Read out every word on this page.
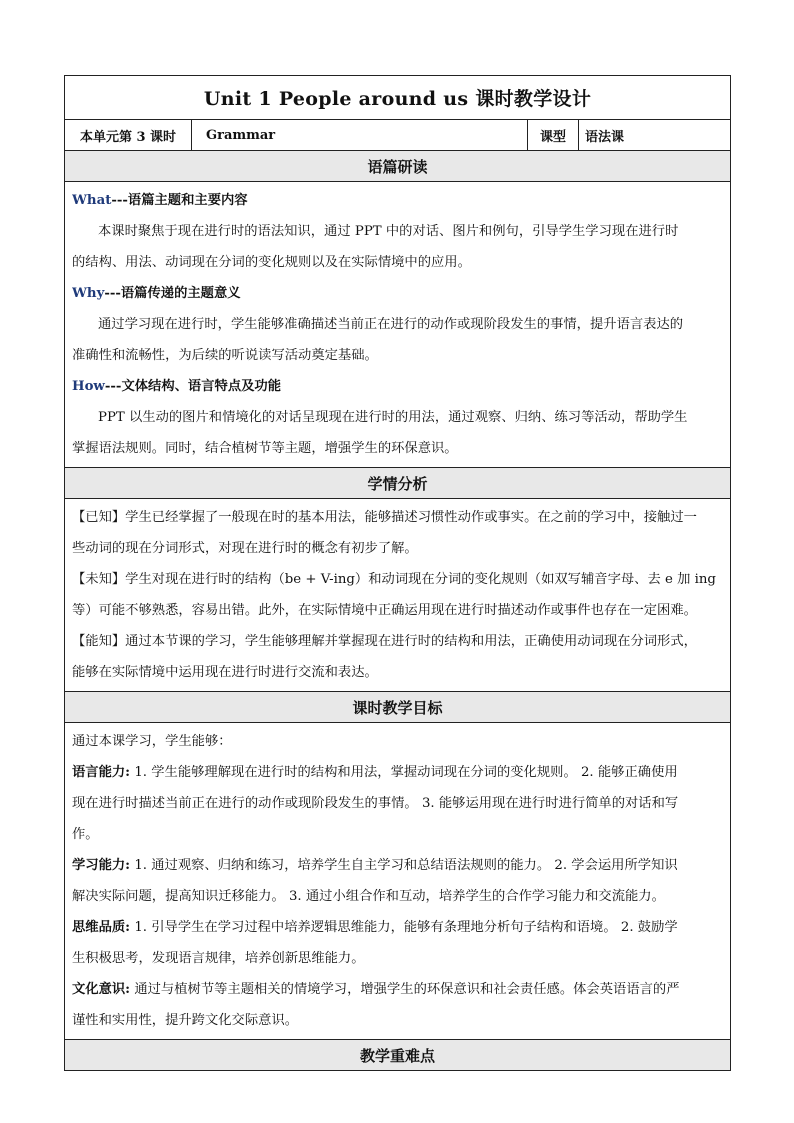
Unit 1 People around us 课时教学设计
本单元第 3 课时	Grammar	课型	语法课
语篇研读

What---语篇主题和主要内容
本课时聚焦于现在进行时的语法知识，通过 PPT 中的对话、图片和例句，引导学生学习现在进行时
的结构、用法、动词现在分词的变化规则以及在实际情境中的应用。
Why---语篇传递的主题意义
通过学习现在进行时，学生能够准确描述当前正在进行的动作或现阶段发生的事情，提升语言表达的
准确性和流畅性，为后续的听说读写活动奠定基础。
How---文体结构、语言特点及功能
PPT 以生动的图片和情境化的对话呈现现在进行时的用法，通过观察、归纳、练习等活动，帮助学生
掌握语法规则。同时，结合植树节等主题，增强学生的环保意识。

学情分析

【已知】学生已经掌握了一般现在时的基本用法，能够描述习惯性动作或事实。在之前的学习中，接触过一
些动词的现在分词形式，对现在进行时的概念有初步了解。
【未知】学生对现在进行时的结构（be + V-ing）和动词现在分词的变化规则（如双写辅音字母、去 e 加 ing
等）可能不够熟悉，容易出错。此外，在实际情境中正确运用现在进行时描述动作或事件也存在一定困难。
【能知】通过本节课的学习，学生能够理解并掌握现在进行时的结构和用法，正确使用动词现在分词形式，
能够在实际情境中运用现在进行时进行交流和表达。

课时教学目标

通过本课学习，学生能够：
语言能力: 1. 学生能够理解现在进行时的结构和用法，掌握动词现在分词的变化规则。 2. 能够正确使用
现在进行时描述当前正在进行的动作或现阶段发生的事情。 3. 能够运用现在进行时进行简单的对话和写
作。
学习能力: 1. 通过观察、归纳和练习，培养学生自主学习和总结语法规则的能力。 2. 学会运用所学知识
解决实际问题，提高知识迁移能力。 3. 通过小组合作和互动，培养学生的合作学习能力和交流能力。
思维品质: 1. 引导学生在学习过程中培养逻辑思维能力，能够有条理地分析句子结构和语境。 2. 鼓励学
生积极思考，发现语言规律，培养创新思维能力。
文化意识: 通过与植树节等主题相关的情境学习，增强学生的环保意识和社会责任感。体会英语语言的严
谨性和实用性，提升跨文化交际意识。

教学重难点
